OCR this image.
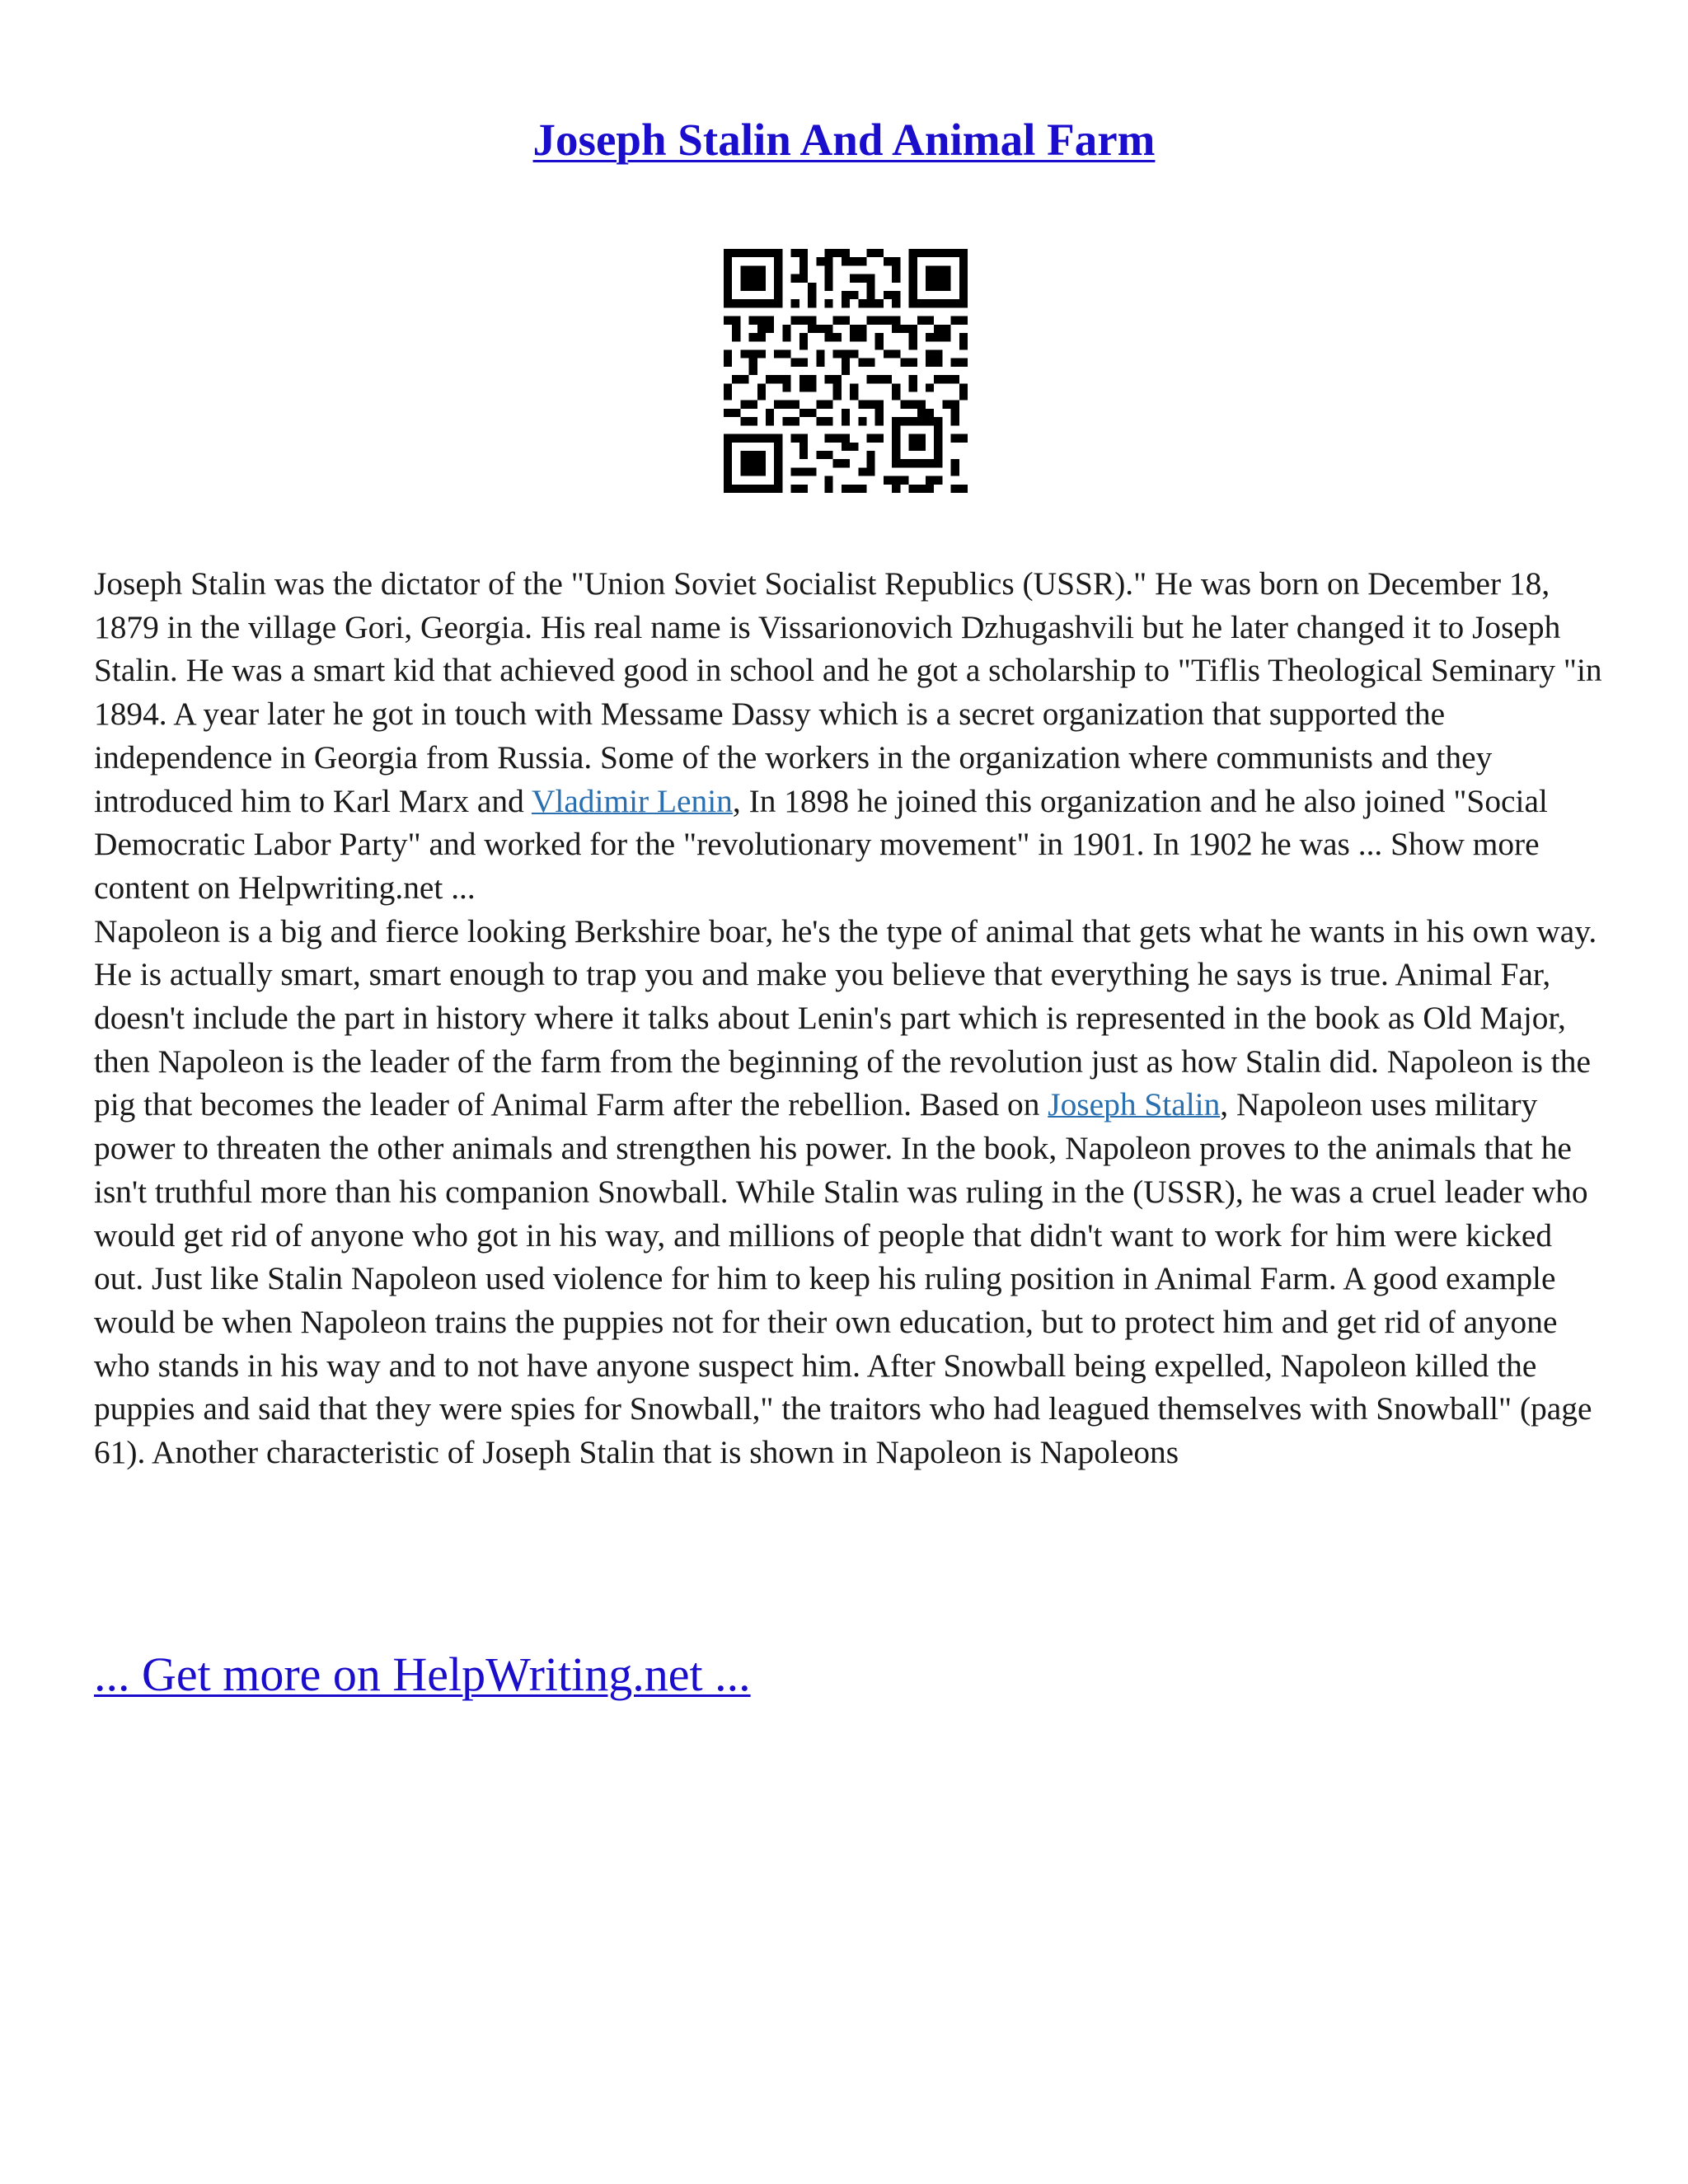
Joseph Stalin And Animal Farm

Joseph Stalin was the dictator of the "Union Soviet Socialist Republics (USSR)." He was born on December 18, 1879 in the village Gori, Georgia. His real name is Vissarionovich Dzhugashvili but he later changed it to Joseph Stalin. He was a smart kid that achieved good in school and he got a scholarship to "Tiflis Theological Seminary "in 1894. A year later he got in touch with Messame Dassy which is a secret organization that supported the independence in Georgia from Russia. Some of the workers in the organization where communists and they introduced him to Karl Marx and Vladimir Lenin, In 1898 he joined this organization and he also joined "Social Democratic Labor Party" and worked for the "revolutionary movement" in 1901. In 1902 he was ... Show more content on Helpwriting.net ...

Napoleon is a big and fierce looking Berkshire boar, he's the type of animal that gets what he wants in his own way. He is actually smart, smart enough to trap you and make you believe that everything he says is true. Animal Far, doesn't include the part in history where it talks about Lenin's part which is represented in the book as Old Major, then Napoleon is the leader of the farm from the beginning of the revolution just as how Stalin did. Napoleon is the pig that becomes the leader of Animal Farm after the rebellion. Based on Joseph Stalin, Napoleon uses military power to threaten the other animals and strengthen his power. In the book, Napoleon proves to the animals that he isn't truthful more than his companion Snowball. While Stalin was ruling in the (USSR), he was a cruel leader who would get rid of anyone who got in his way, and millions of people that didn't want to work for him were kicked out. Just like Stalin Napoleon used violence for him to keep his ruling position in Animal Farm. A good example would be when Napoleon trains the puppies not for their own education, but to protect him and get rid of anyone who stands in his way and to not have anyone suspect him. After Snowball being expelled, Napoleon killed the puppies and said that they were spies for Snowball," the traitors who had leagued themselves with Snowball" (page 61). Another characteristic of Joseph Stalin that is shown in Napoleon is Napoleons

... Get more on HelpWriting.net ...
